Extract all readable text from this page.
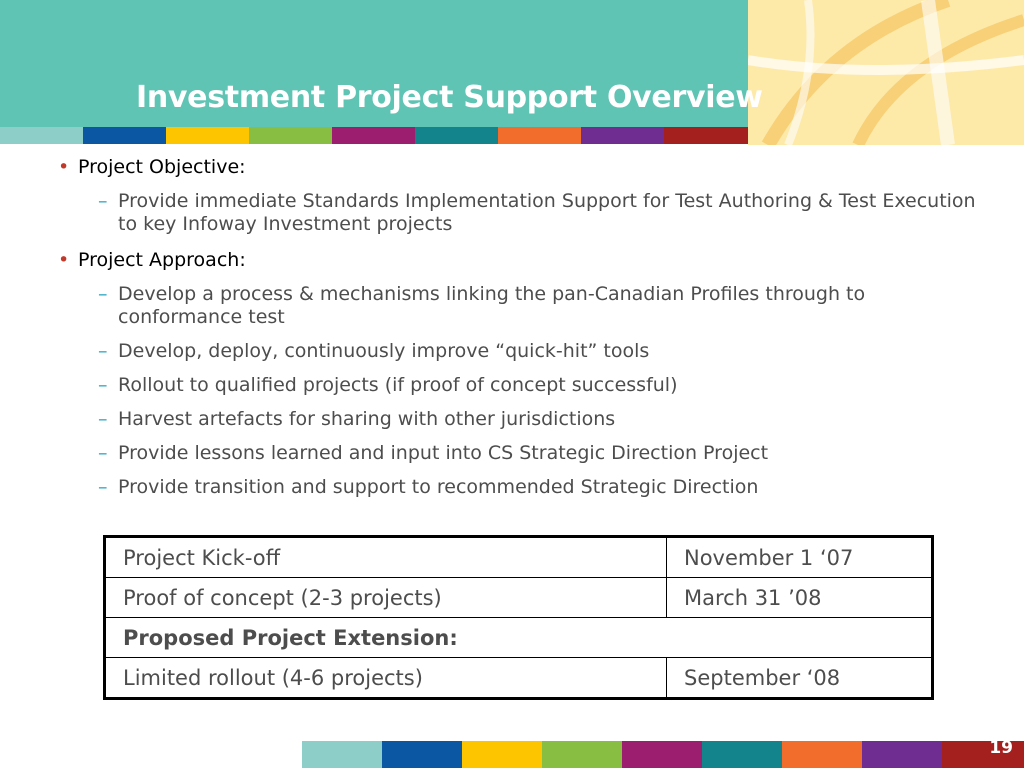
Investment Project Support Overview
• Project Objective:
– Provide immediate Standards Implementation Support for Test Authoring & Test Execution to key Infoway Investment projects
• Project Approach:
– Develop a process & mechanisms linking the pan-Canadian Profiles through to conformance test
– Develop, deploy, continuously improve “quick-hit” tools
– Rollout to qualified projects (if proof of concept successful)
– Harvest artefacts for sharing with other jurisdictions
– Provide lessons learned and input into CS Strategic Direction Project
– Provide transition and support to recommended Strategic Direction
Project Kick-off	November 1 ‘07
Proof of concept (2-3 projects)	March 31 ’08
Proposed Project Extension:	
Limited rollout (4-6 projects)	September ‘08
19
